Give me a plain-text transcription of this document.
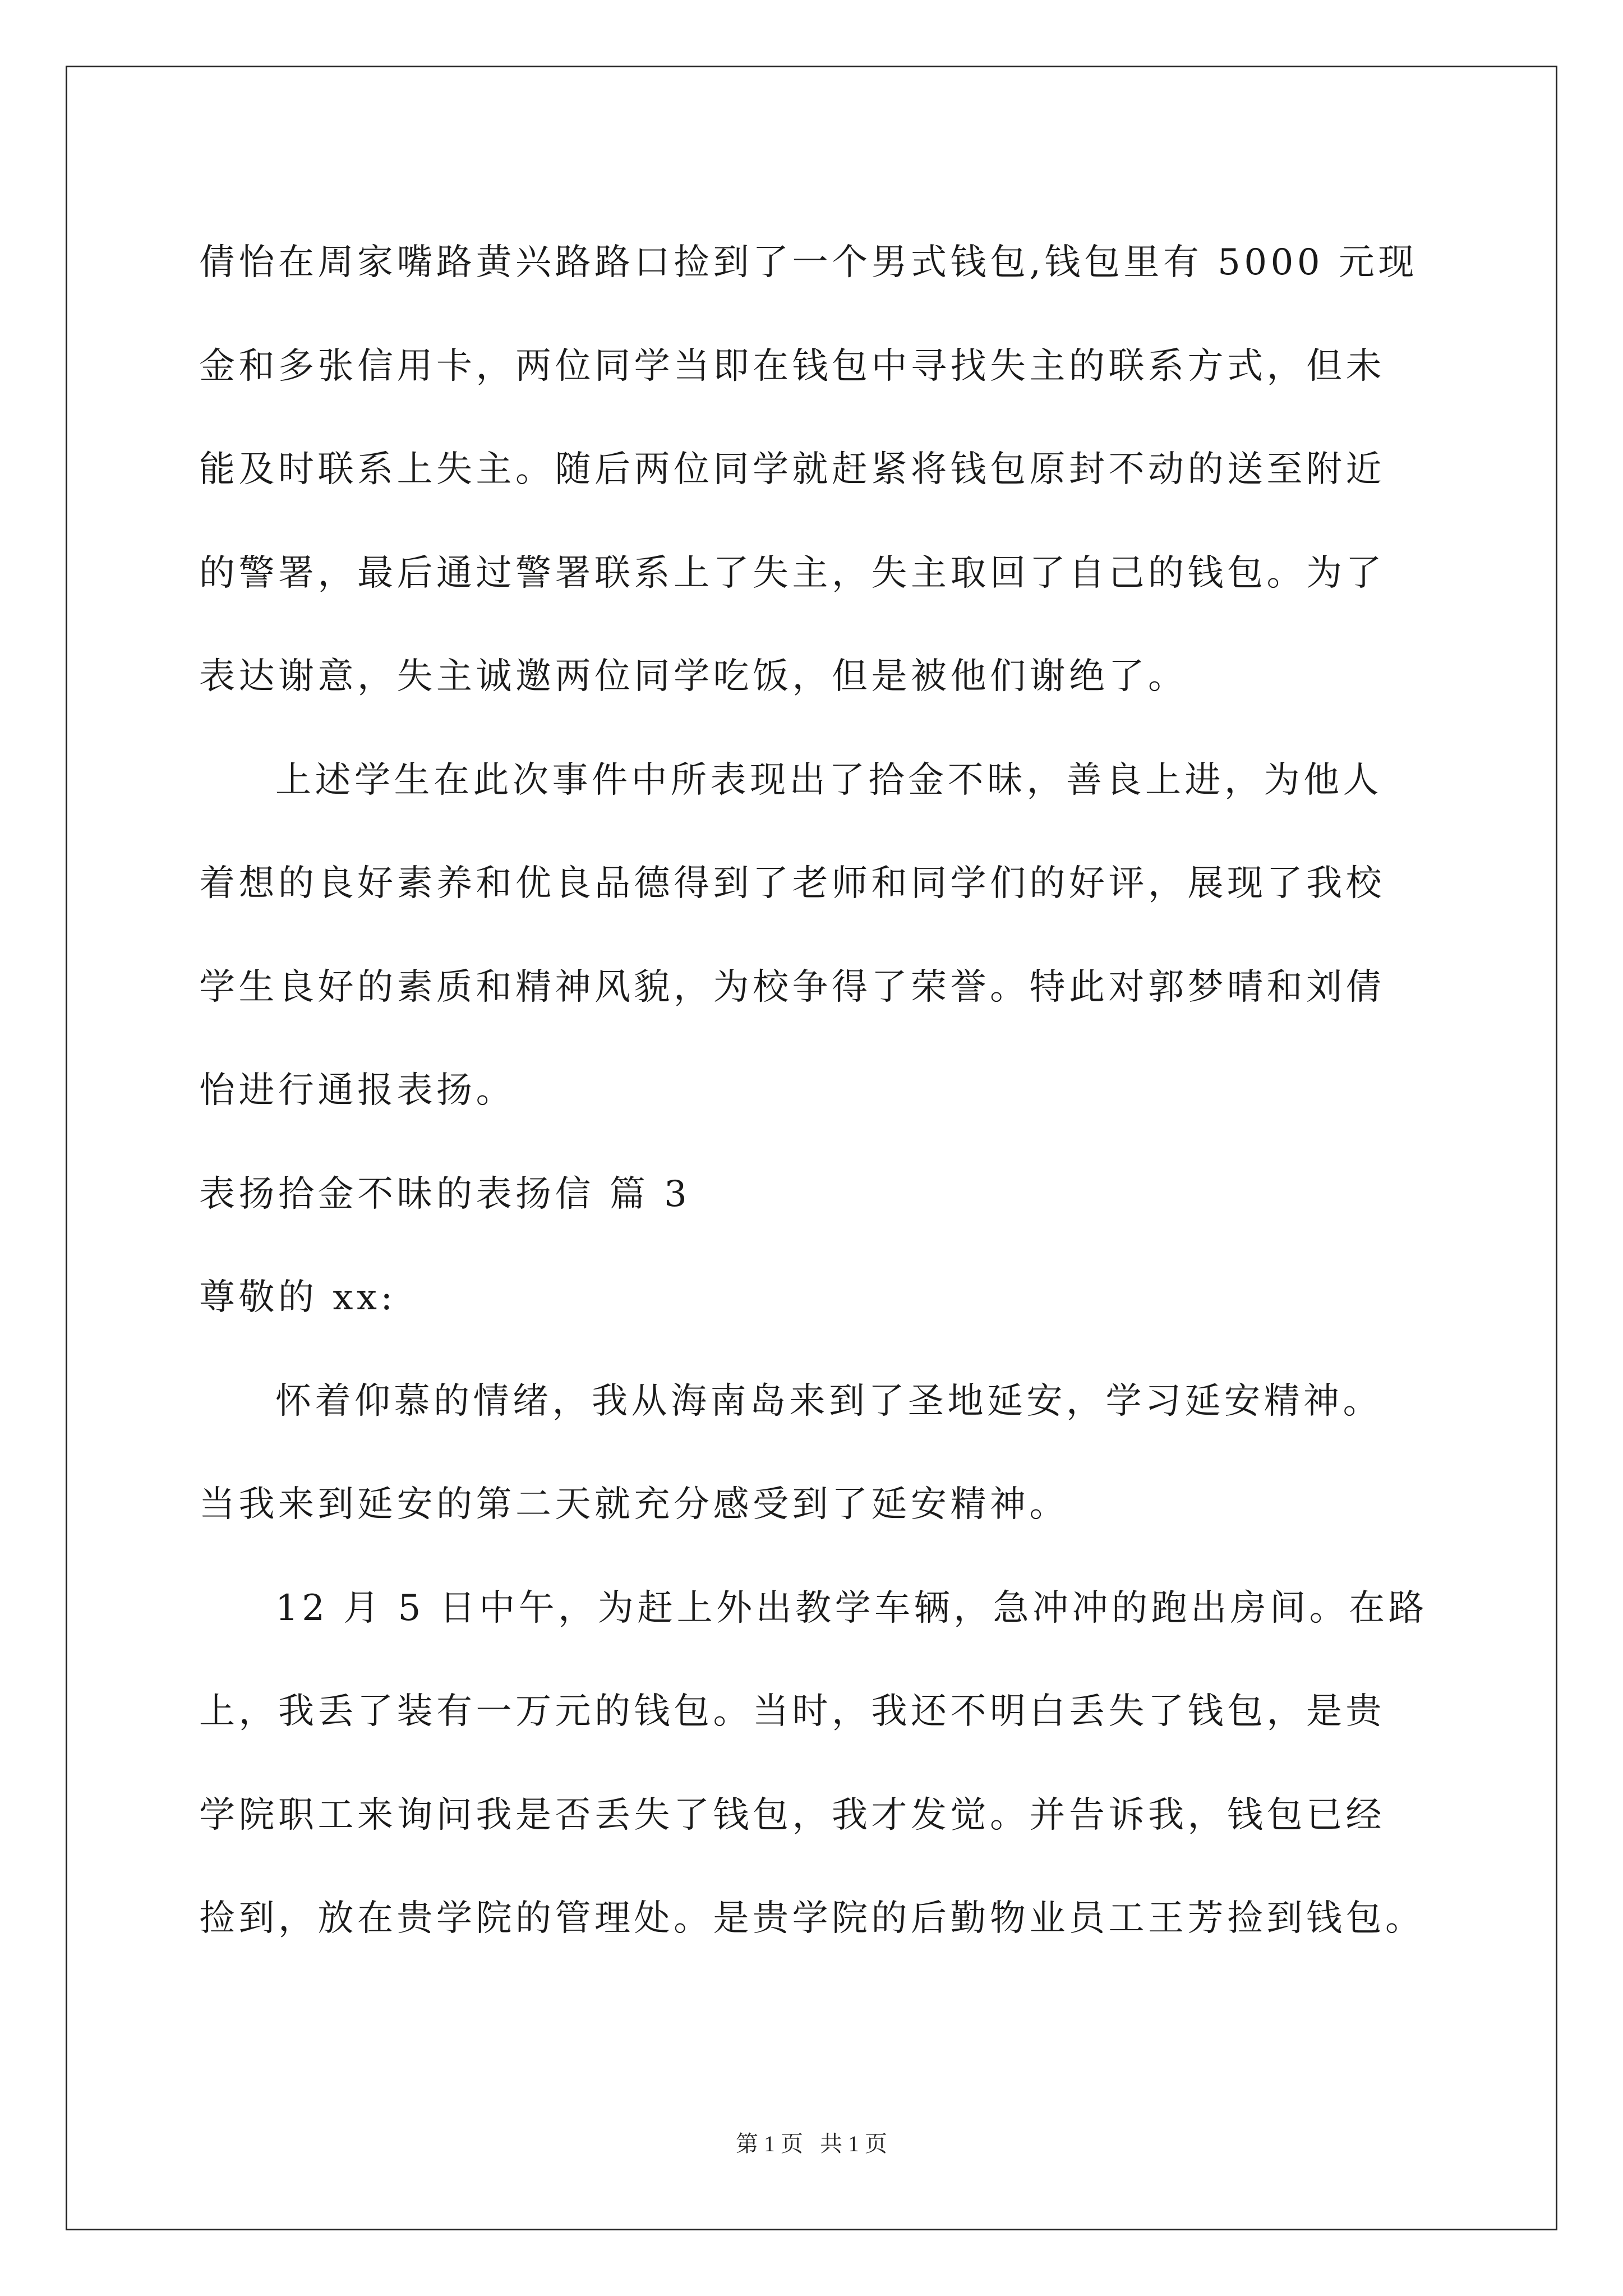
倩怡在周家嘴路黄兴路路口捡到了一个男式钱包,钱包里有 5000 元现
金和多张信用卡，两位同学当即在钱包中寻找失主的联系方式，但未
能及时联系上失主。随后两位同学就赶紧将钱包原封不动的送至附近
的警署，最后通过警署联系上了失主，失主取回了自己的钱包。为了
表达谢意，失主诚邀两位同学吃饭，但是被他们谢绝了。
上述学生在此次事件中所表现出了拾金不昧，善良上进，为他人
着想的良好素养和优良品德得到了老师和同学们的好评，展现了我校
学生良好的素质和精神风貌，为校争得了荣誉。特此对郭梦晴和刘倩
怡进行通报表扬。
表扬拾金不昧的表扬信 篇 3
尊敬的 xx:
怀着仰慕的情绪，我从海南岛来到了圣地延安，学习延安精神。
当我来到延安的第二天就充分感受到了延安精神。
12 月 5 日中午，为赶上外出教学车辆，急冲冲的跑出房间。在路
上，我丢了装有一万元的钱包。当时，我还不明白丢失了钱包，是贵
学院职工来询问我是否丢失了钱包，我才发觉。并告诉我，钱包已经
捡到，放在贵学院的管理处。是贵学院的后勤物业员工王芳捡到钱包。
第 1 页   共 1 页
